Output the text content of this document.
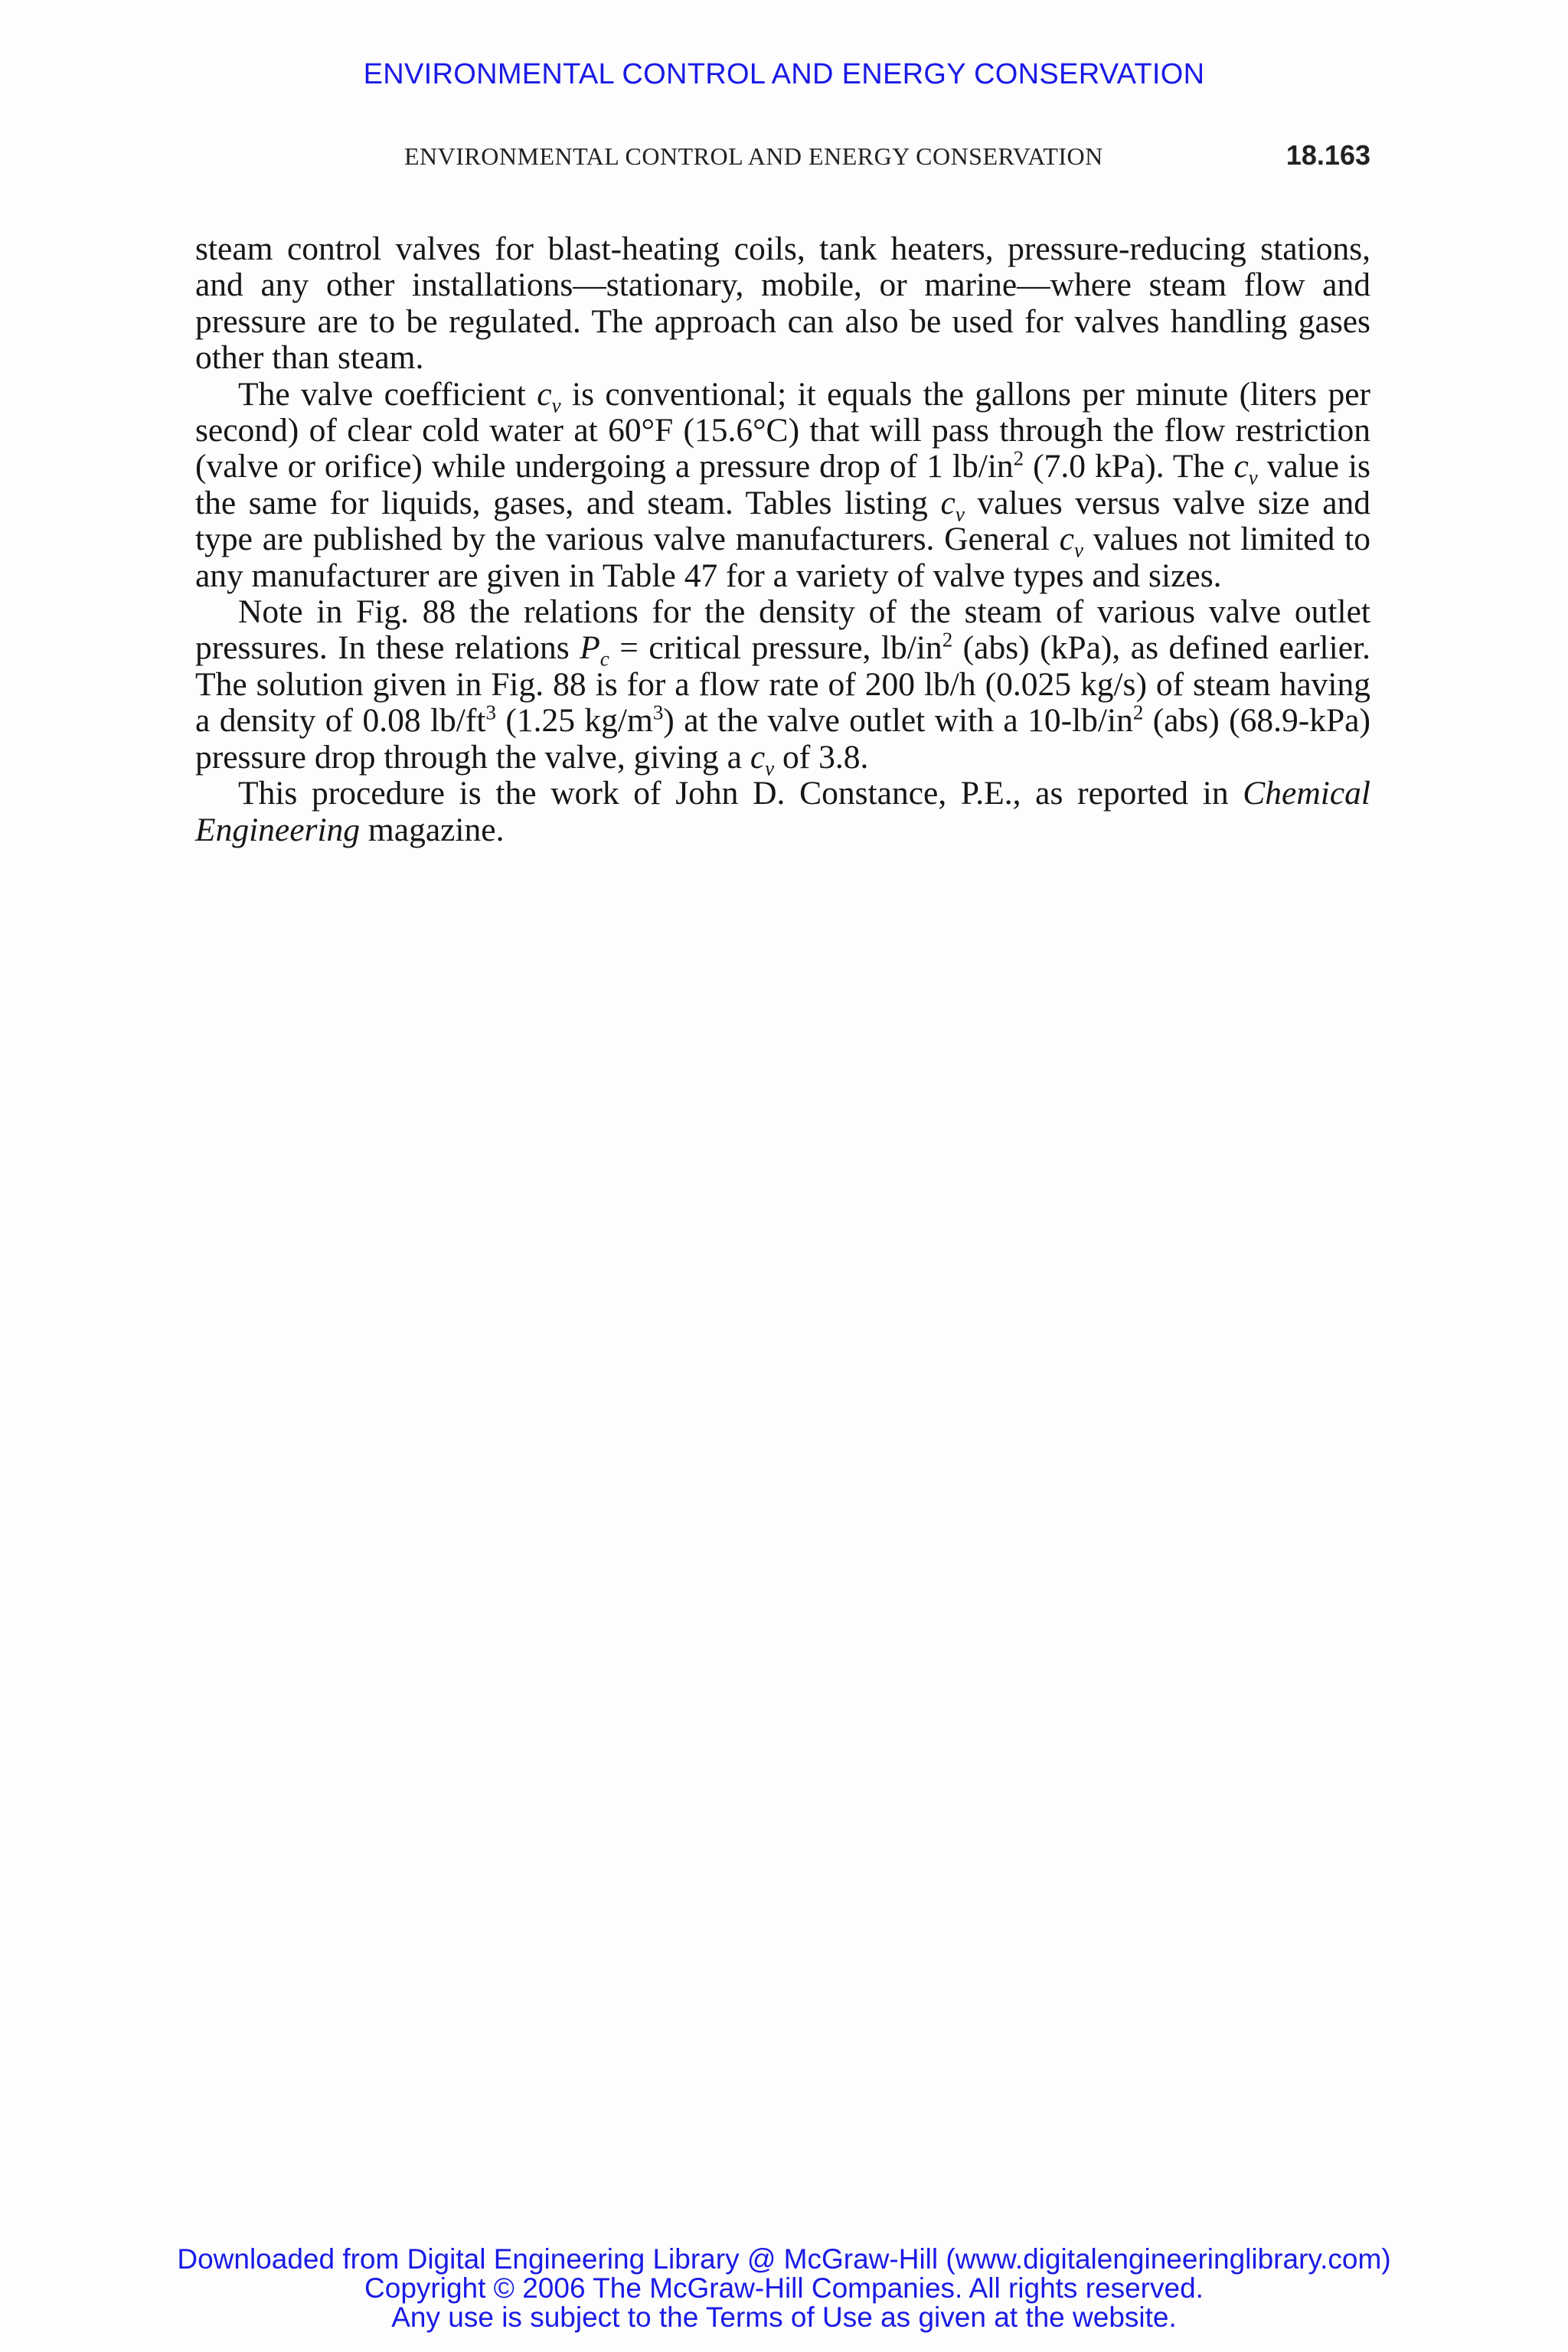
ENVIRONMENTAL CONTROL AND ENERGY CONSERVATION
ENVIRONMENTAL CONTROL AND ENERGY CONSERVATION	18.163

steam control valves for blast-heating coils, tank heaters, pressure-reducing stations, and any other installations—stationary, mobile, or marine—where steam flow and pressure are to be regulated. The approach can also be used for valves handling gases other than steam.

The valve coefficient $c_v$ is conventional; it equals the gallons per minute (liters per second) of clear cold water at 60°F (15.6°C) that will pass through the flow restriction (valve or orifice) while undergoing a pressure drop of 1 $lb/in^2$ (7.0 kPa). The $c_v$ value is the same for liquids, gases, and steam. Tables listing $c_v$ values versus valve size and type are published by the various valve manufacturers. General $c_v$ values not limited to any manufacturer are given in Table 47 for a variety of valve types and sizes.

Note in Fig. 88 the relations for the density of the steam of various valve outlet pressures. In these relations $P_c$ = critical pressure, $lb/in^2$ (abs) (kPa), as defined earlier. The solution given in Fig. 88 is for a flow rate of 200 lb/h (0.025 kg/s) of steam having a density of 0.08 $lb/ft^3$ (1.25 $kg/m^3$) at the valve outlet with a $10-lb/in^2$ (abs) (68.9-kPa) pressure drop through the valve, giving a $c_v$ of 3.8.

This procedure is the work of John D. Constance, P.E., as reported in Chemical Engineering magazine.

Downloaded from Digital Engineering Library @ McGraw-Hill (www.digitalengineeringlibrary.com)
Copyright © 2006 The McGraw-Hill Companies. All rights reserved.
Any use is subject to the Terms of Use as given at the website.
